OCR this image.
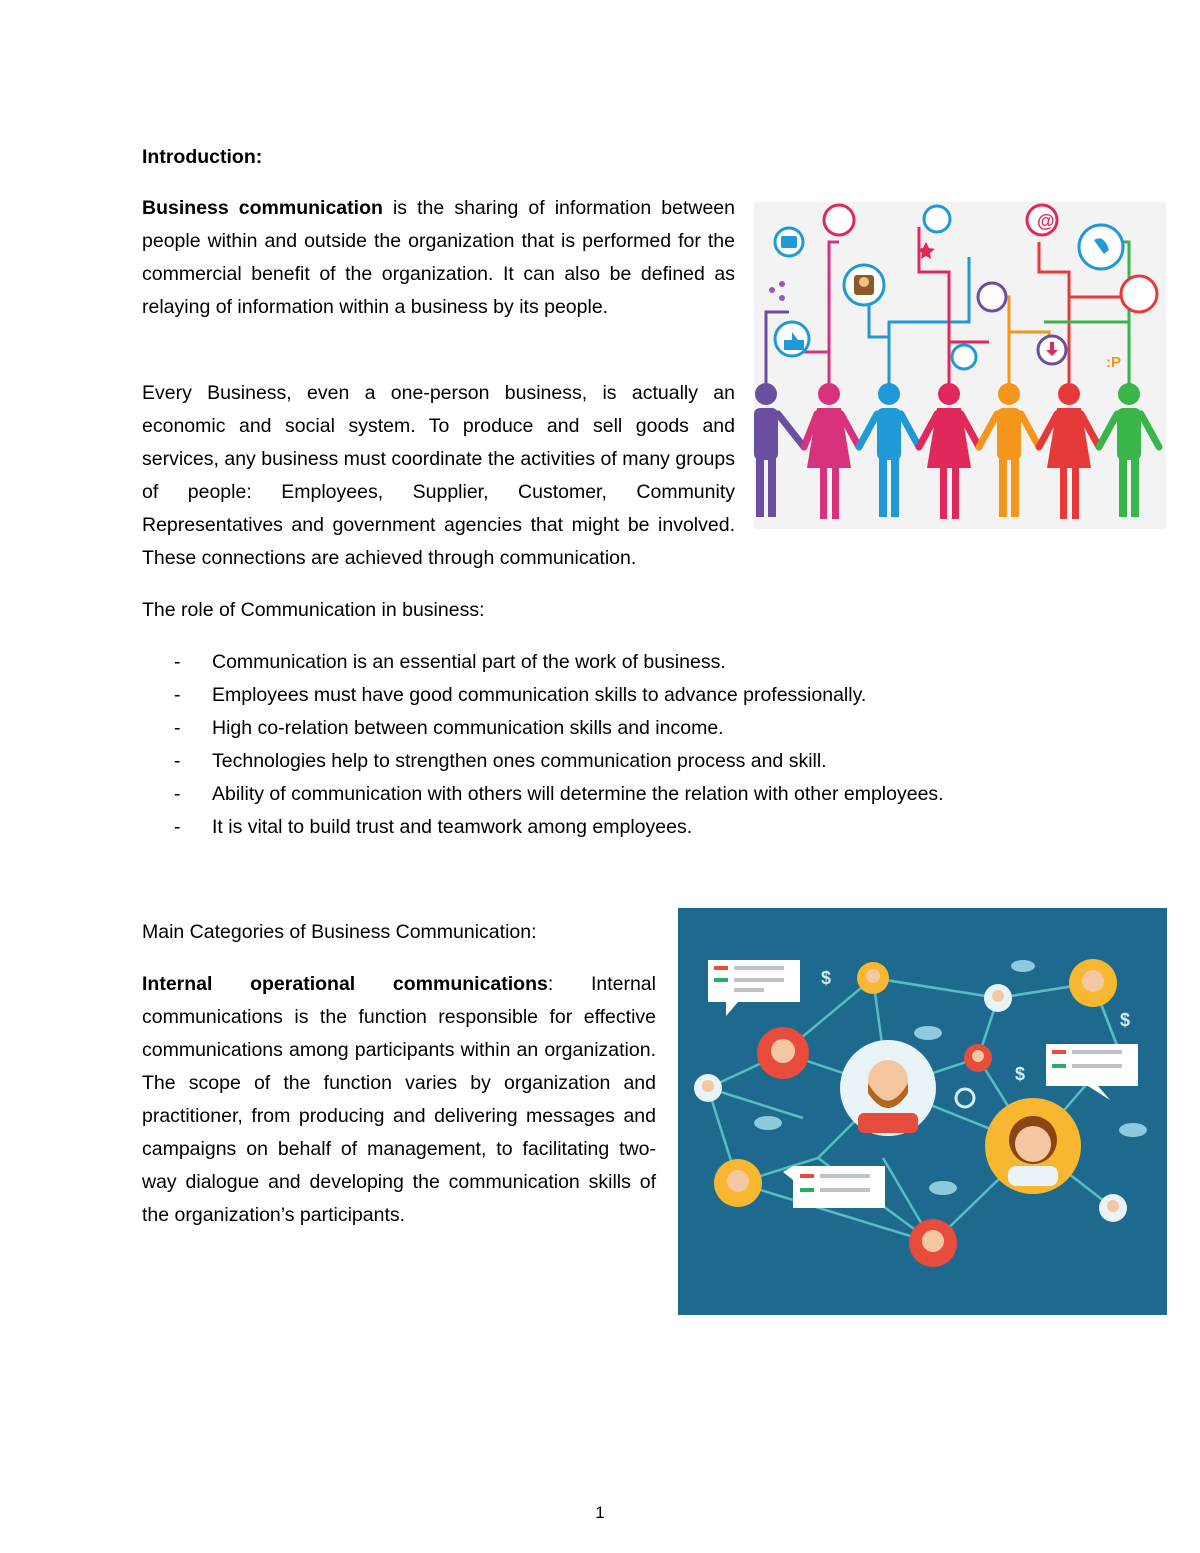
Introduction:

Business communication is the sharing of information between people within and outside the organization that is performed for the commercial benefit of the organization. It can also be defined as relaying of information within a business by its people.

Every Business, even a one-person business, is actually an economic and social system. To produce and sell goods and services, any business must coordinate the activities of many groups of people: Employees, Supplier, Customer, Community Representatives and government agencies that might be involved. These connections are achieved through communication.

The role of Communication in business:

- Communication is an essential part of the work of business.
- Employees must have good communication skills to advance professionally.
- High co-relation between communication skills and income.
- Technologies help to strengthen ones communication process and skill.
- Ability of communication with others will determine the relation with other employees.
- It is vital to build trust and teamwork among employees.

Main Categories of Business Communication:

Internal operational communications: Internal communications is the function responsible for effective communications among participants within an organization. The scope of the function varies by organization and practitioner, from producing and delivering messages and campaigns on behalf of management, to facilitating two-way dialogue and developing the communication skills of the organization’s participants.

@
:P
$
$
$
1
